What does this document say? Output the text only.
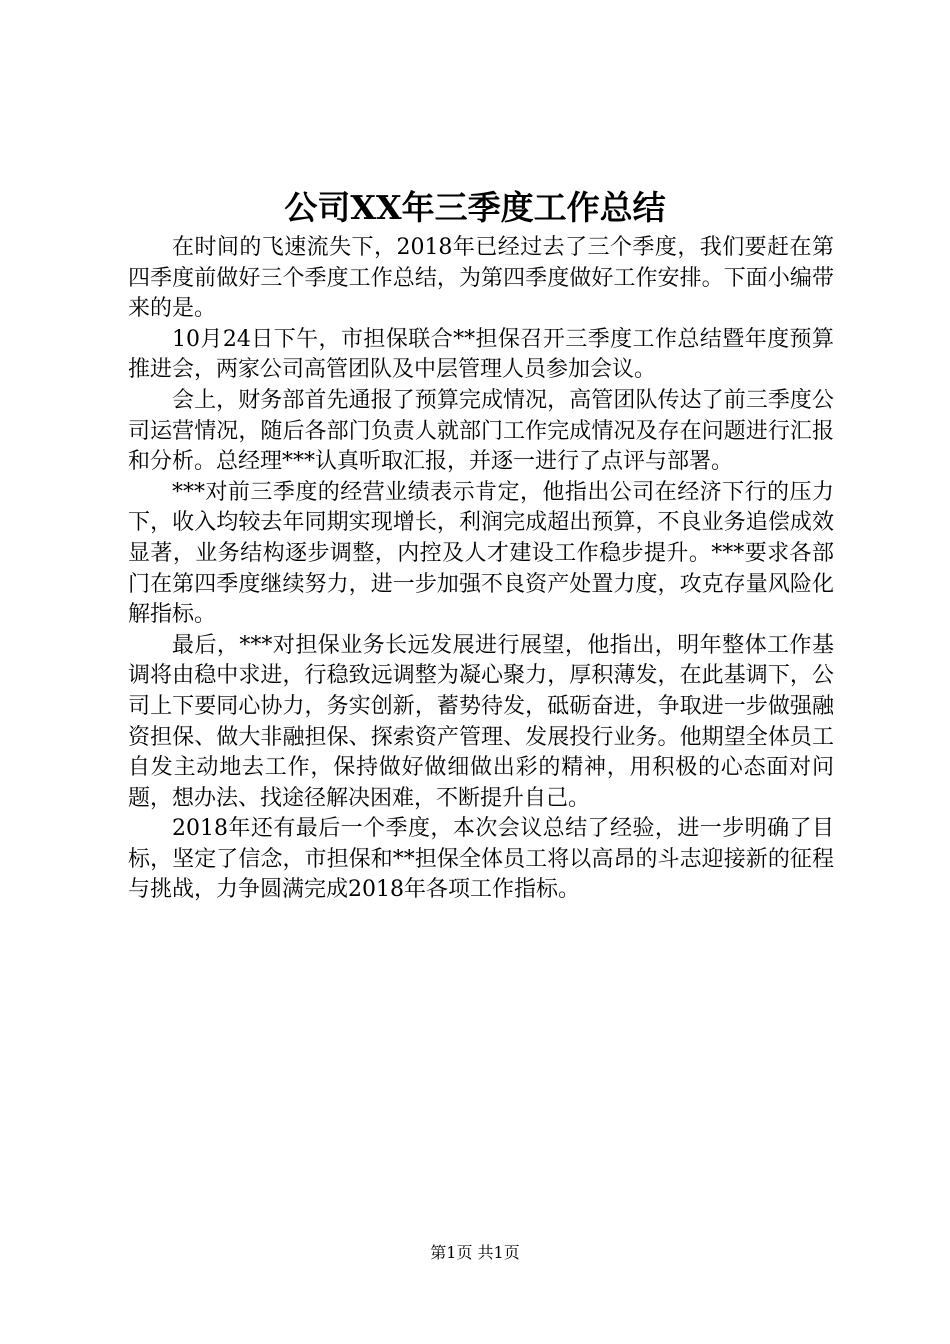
公司XX年三季度工作总结

在时间的飞速流失下，2018年已经过去了三个季度，我们要赶在第四季度前做好三个季度工作总结，为第四季度做好工作安排。下面小编带来的是。

10月24日下午，市担保联合**担保召开三季度工作总结暨年度预算推进会，两家公司高管团队及中层管理人员参加会议。

会上，财务部首先通报了预算完成情况，高管团队传达了前三季度公司运营情况，随后各部门负责人就部门工作完成情况及存在问题进行汇报和分析。总经理***认真听取汇报，并逐一进行了点评与部署。

***对前三季度的经营业绩表示肯定，他指出公司在经济下行的压力下，收入均较去年同期实现增长，利润完成超出预算，不良业务追偿成效显著，业务结构逐步调整，内控及人才建设工作稳步提升。***要求各部门在第四季度继续努力，进一步加强不良资产处置力度，攻克存量风险化解指标。

最后，***对担保业务长远发展进行展望，他指出，明年整体工作基调将由稳中求进，行稳致远调整为凝心聚力，厚积薄发，在此基调下，公司上下要同心协力，务实创新，蓄势待发，砥砺奋进，争取进一步做强融资担保、做大非融担保、探索资产管理、发展投行业务。他期望全体员工自发主动地去工作，保持做好做细做出彩的精神，用积极的心态面对问题，想办法、找途径解决困难，不断提升自己。

2018年还有最后一个季度，本次会议总结了经验，进一步明确了目标，坚定了信念，市担保和**担保全体员工将以高昂的斗志迎接新的征程与挑战，力争圆满完成2018年各项工作指标。

第1页 共1页
